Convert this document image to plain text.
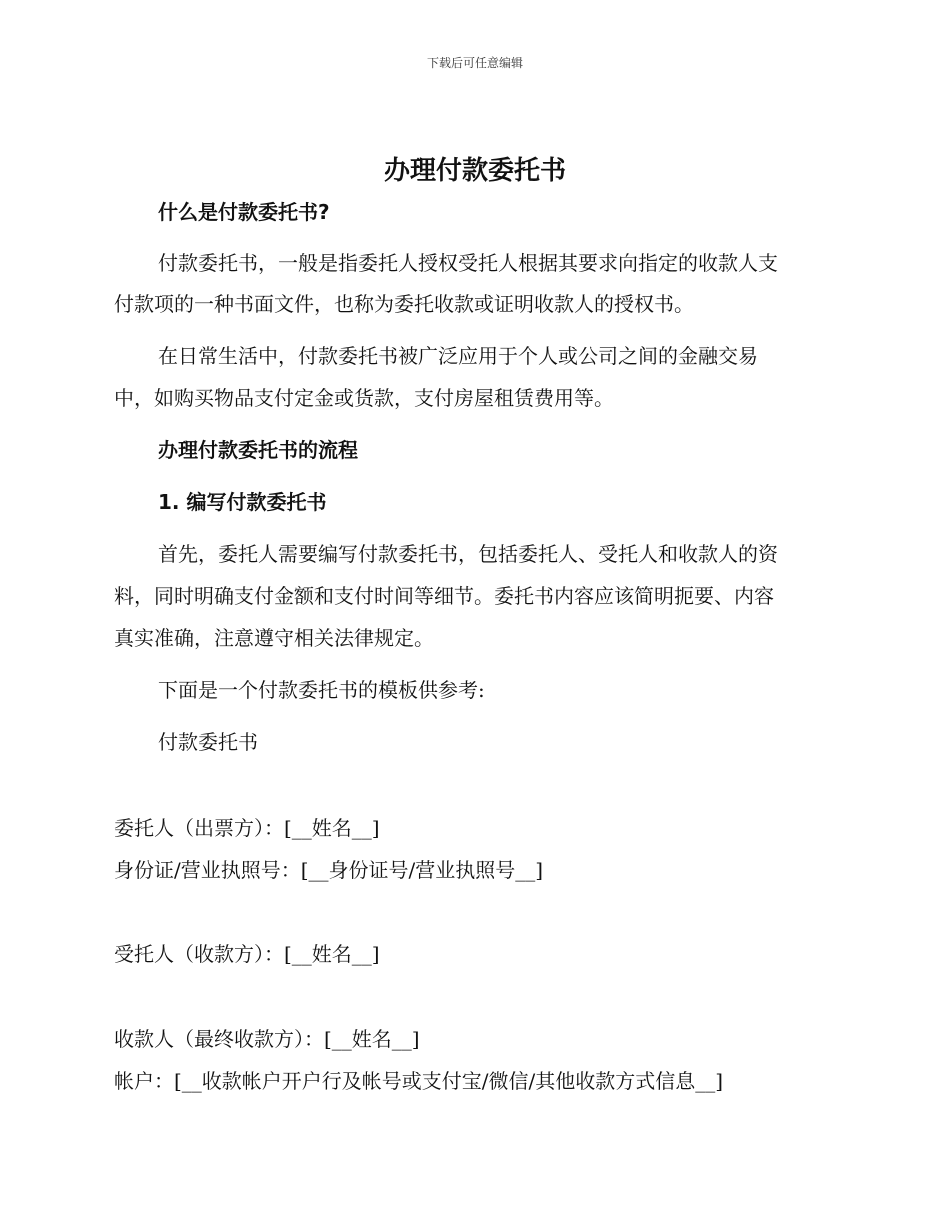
下载后可任意编辑
办理付款委托书

什么是付款委托书?

付款委托书，一般是指委托人授权受托人根据其要求向指定的收款人支

付款项的一种书面文件，也称为委托收款或证明收款人的授权书。

在日常生活中，付款委托书被广泛应用于个人或公司之间的金融交易

中，如购买物品支付定金或货款，支付房屋租赁费用等。

办理付款委托书的流程

1. 编写付款委托书

首先，委托人需要编写付款委托书，包括委托人、受托人和收款人的资

料，同时明确支付金额和支付时间等细节。委托书内容应该简明扼要、内容

真实准确，注意遵守相关法律规定。

下面是一个付款委托书的模板供参考:

付款委托书

委托人（出票方）：[__姓名__]

身份证/营业执照号：[__身份证号/营业执照号__]

受托人（收款方）：[__姓名__]

收款人（最终收款方）：[__姓名__]

帐户：[__收款帐户开户行及帐号或支付宝/微信/其他收款方式信息__]
